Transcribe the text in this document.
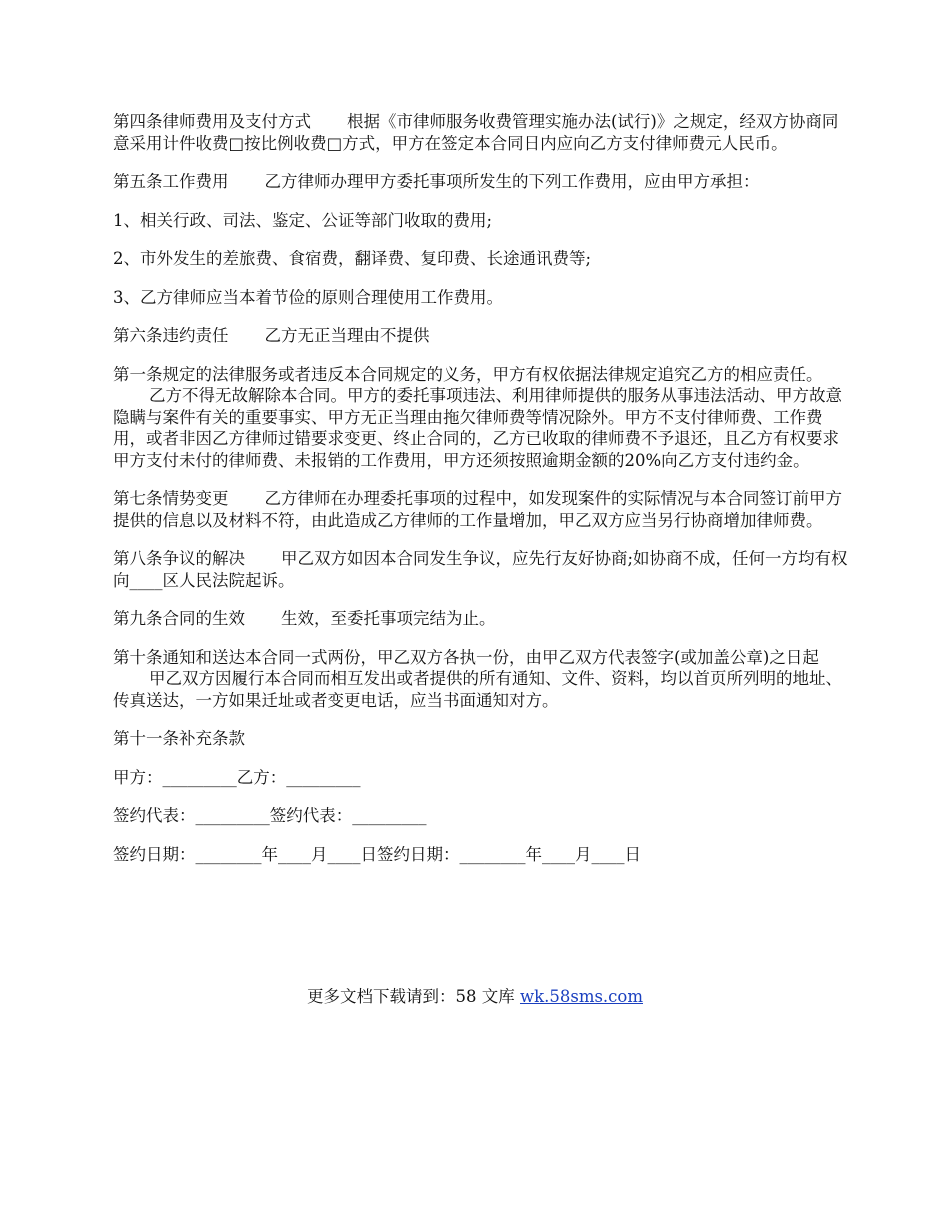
第四条律师费用及支付方式 根据《市律师服务收费管理实施办法(试行)》之规定，经双方协商同意采用计件收费□按比例收费□方式，甲方在签定本合同日内应向乙方支付律师费元人民币。

第五条工作费用 乙方律师办理甲方委托事项所发生的下列工作费用，应由甲方承担：

1、相关行政、司法、鉴定、公证等部门收取的费用;

2、市外发生的差旅费、食宿费，翻译费、复印费、长途通讯费等;

3、乙方律师应当本着节俭的原则合理使用工作费用。

第六条违约责任 乙方无正当理由不提供

第一条规定的法律服务或者违反本合同规定的义务，甲方有权依据法律规定追究乙方的相应责任。乙方不得无故解除本合同。甲方的委托事项违法、利用律师提供的服务从事违法活动、甲方故意隐瞒与案件有关的重要事实、甲方无正当理由拖欠律师费等情况除外。甲方不支付律师费、工作费用，或者非因乙方律师过错要求变更、终止合同的，乙方已收取的律师费不予退还，且乙方有权要求甲方支付未付的律师费、未报销的工作费用，甲方还须按照逾期金额的20%向乙方支付违约金。

第七条情势变更 乙方律师在办理委托事项的过程中，如发现案件的实际情况与本合同签订前甲方提供的信息以及材料不符，由此造成乙方律师的工作量增加，甲乙双方应当另行协商增加律师费。

第八条争议的解决 甲乙双方如因本合同发生争议，应先行友好协商;如协商不成，任何一方均有权向____区人民法院起诉。

第九条合同的生效 生效，至委托事项完结为止。

第十条通知和送达本合同一式两份，甲乙双方各执一份，由甲乙双方代表签字(或加盖公章)之日起甲乙双方因履行本合同而相互发出或者提供的所有通知、文件、资料，均以首页所列明的地址、传真送达，一方如果迁址或者变更电话，应当书面通知对方。

第十一条补充条款

甲方：_________乙方：_________

签约代表：_________签约代表：_________

签约日期：________年____月____日签约日期：________年____月____日

更多文档下载请到：58 文库 wk.58sms.com
